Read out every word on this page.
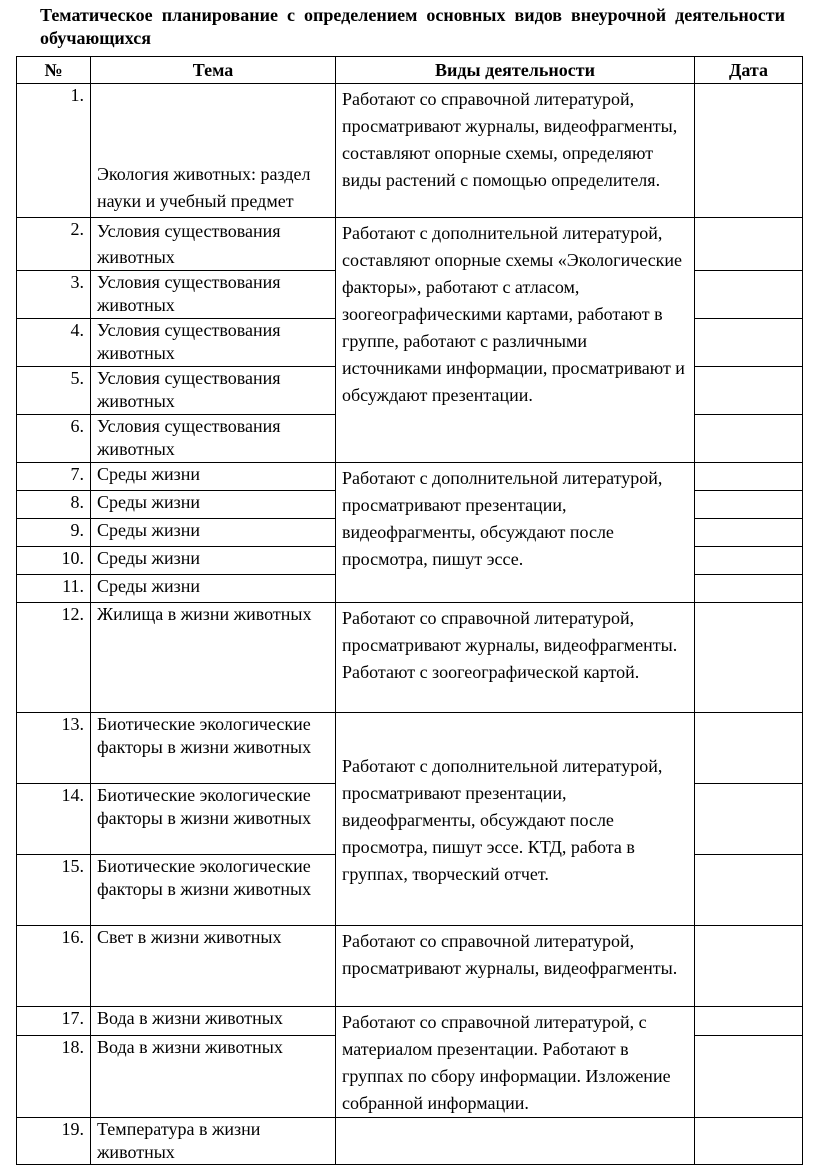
Тематическое планирование с определением основных видов внеурочной деятельности обучающихся
№	Тема	Виды деятельности	Дата
1.	Экология животных: раздел науки и учебный предмет	Работают со справочной литературой, просматривают журналы, видеофрагменты, составляют опорные схемы, определяют виды растений с помощью определителя.	
2.	Условия существования животных	Работают с дополнительной литературой, составляют опорные схемы «Экологические факторы», работают с атласом, зоогеографическими картами, работают в группе, работают с различными источниками информации, просматривают и обсуждают презентации.	
3.	Условия существования животных		
4.	Условия существования животных		
5.	Условия существования животных		
6.	Условия существования животных		
7.	Среды жизни	Работают с дополнительной литературой, просматривают презентации, видеофрагменты, обсуждают после просмотра, пишут эссе.	
8.	Среды жизни		
9.	Среды жизни		
10.	Среды жизни		
11.	Среды жизни		
12.	Жилища в жизни животных	Работают со справочной литературой, просматривают журналы, видеофрагменты. Работают с зоогеографической картой.	
13.	Биотические экологические факторы в жизни животных	Работают с дополнительной литературой, просматривают презентации, видеофрагменты, обсуждают после просмотра, пишут эссе. КТД, работа в группах, творческий отчет.	
14.	Биотические экологические факторы в жизни животных		
15.	Биотические экологические факторы в жизни животных		
16.	Свет в жизни животных	Работают со справочной литературой, просматривают журналы, видеофрагменты.	
17.	Вода в жизни животных	Работают со справочной литературой, с материалом презентации. Работают в группах по сбору информации. Изложение собранной информации.	
18.	Вода в жизни животных		
19.	Температура в жизни животных		
